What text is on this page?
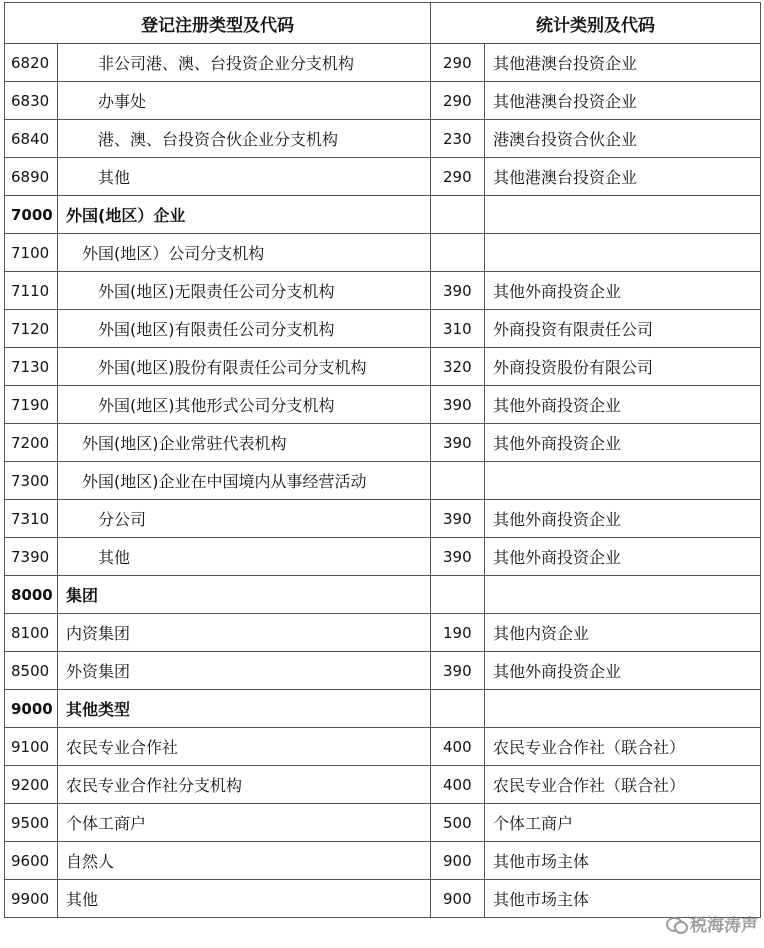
登记注册类型及代码		统计类别及代码	
6820	非公司港、澳、台投资企业分支机构	290	其他港澳台投资企业
6830	办事处	290	其他港澳台投资企业
6840	港、澳、台投资合伙企业分支机构	230	港澳台投资合伙企业
6890	其他	290	其他港澳台投资企业
7000	外国(地区）企业		
7100	外国(地区）公司分支机构		
7110	外国(地区)无限责任公司分支机构	390	其他外商投资企业
7120	外国(地区)有限责任公司分支机构	310	外商投资有限责任公司
7130	外国(地区)股份有限责任公司分支机构	320	外商投资股份有限公司
7190	外国(地区)其他形式公司分支机构	390	其他外商投资企业
7200	外国(地区)企业常驻代表机构	390	其他外商投资企业
7300	外国(地区)企业在中国境内从事经营活动		
7310	分公司	390	其他外商投资企业
7390	其他	390	其他外商投资企业
8000	集团		
8100	内资集团	190	其他内资企业
8500	外资集团	390	其他外商投资企业
9000	其他类型		
9100	农民专业合作社	400	农民专业合作社（联合社）
9200	农民专业合作社分支机构	400	农民专业合作社（联合社）
9500	个体工商户	500	个体工商户
9600	自然人	900	其他市场主体
9900	其他	900	其他市场主体
税海涛声
